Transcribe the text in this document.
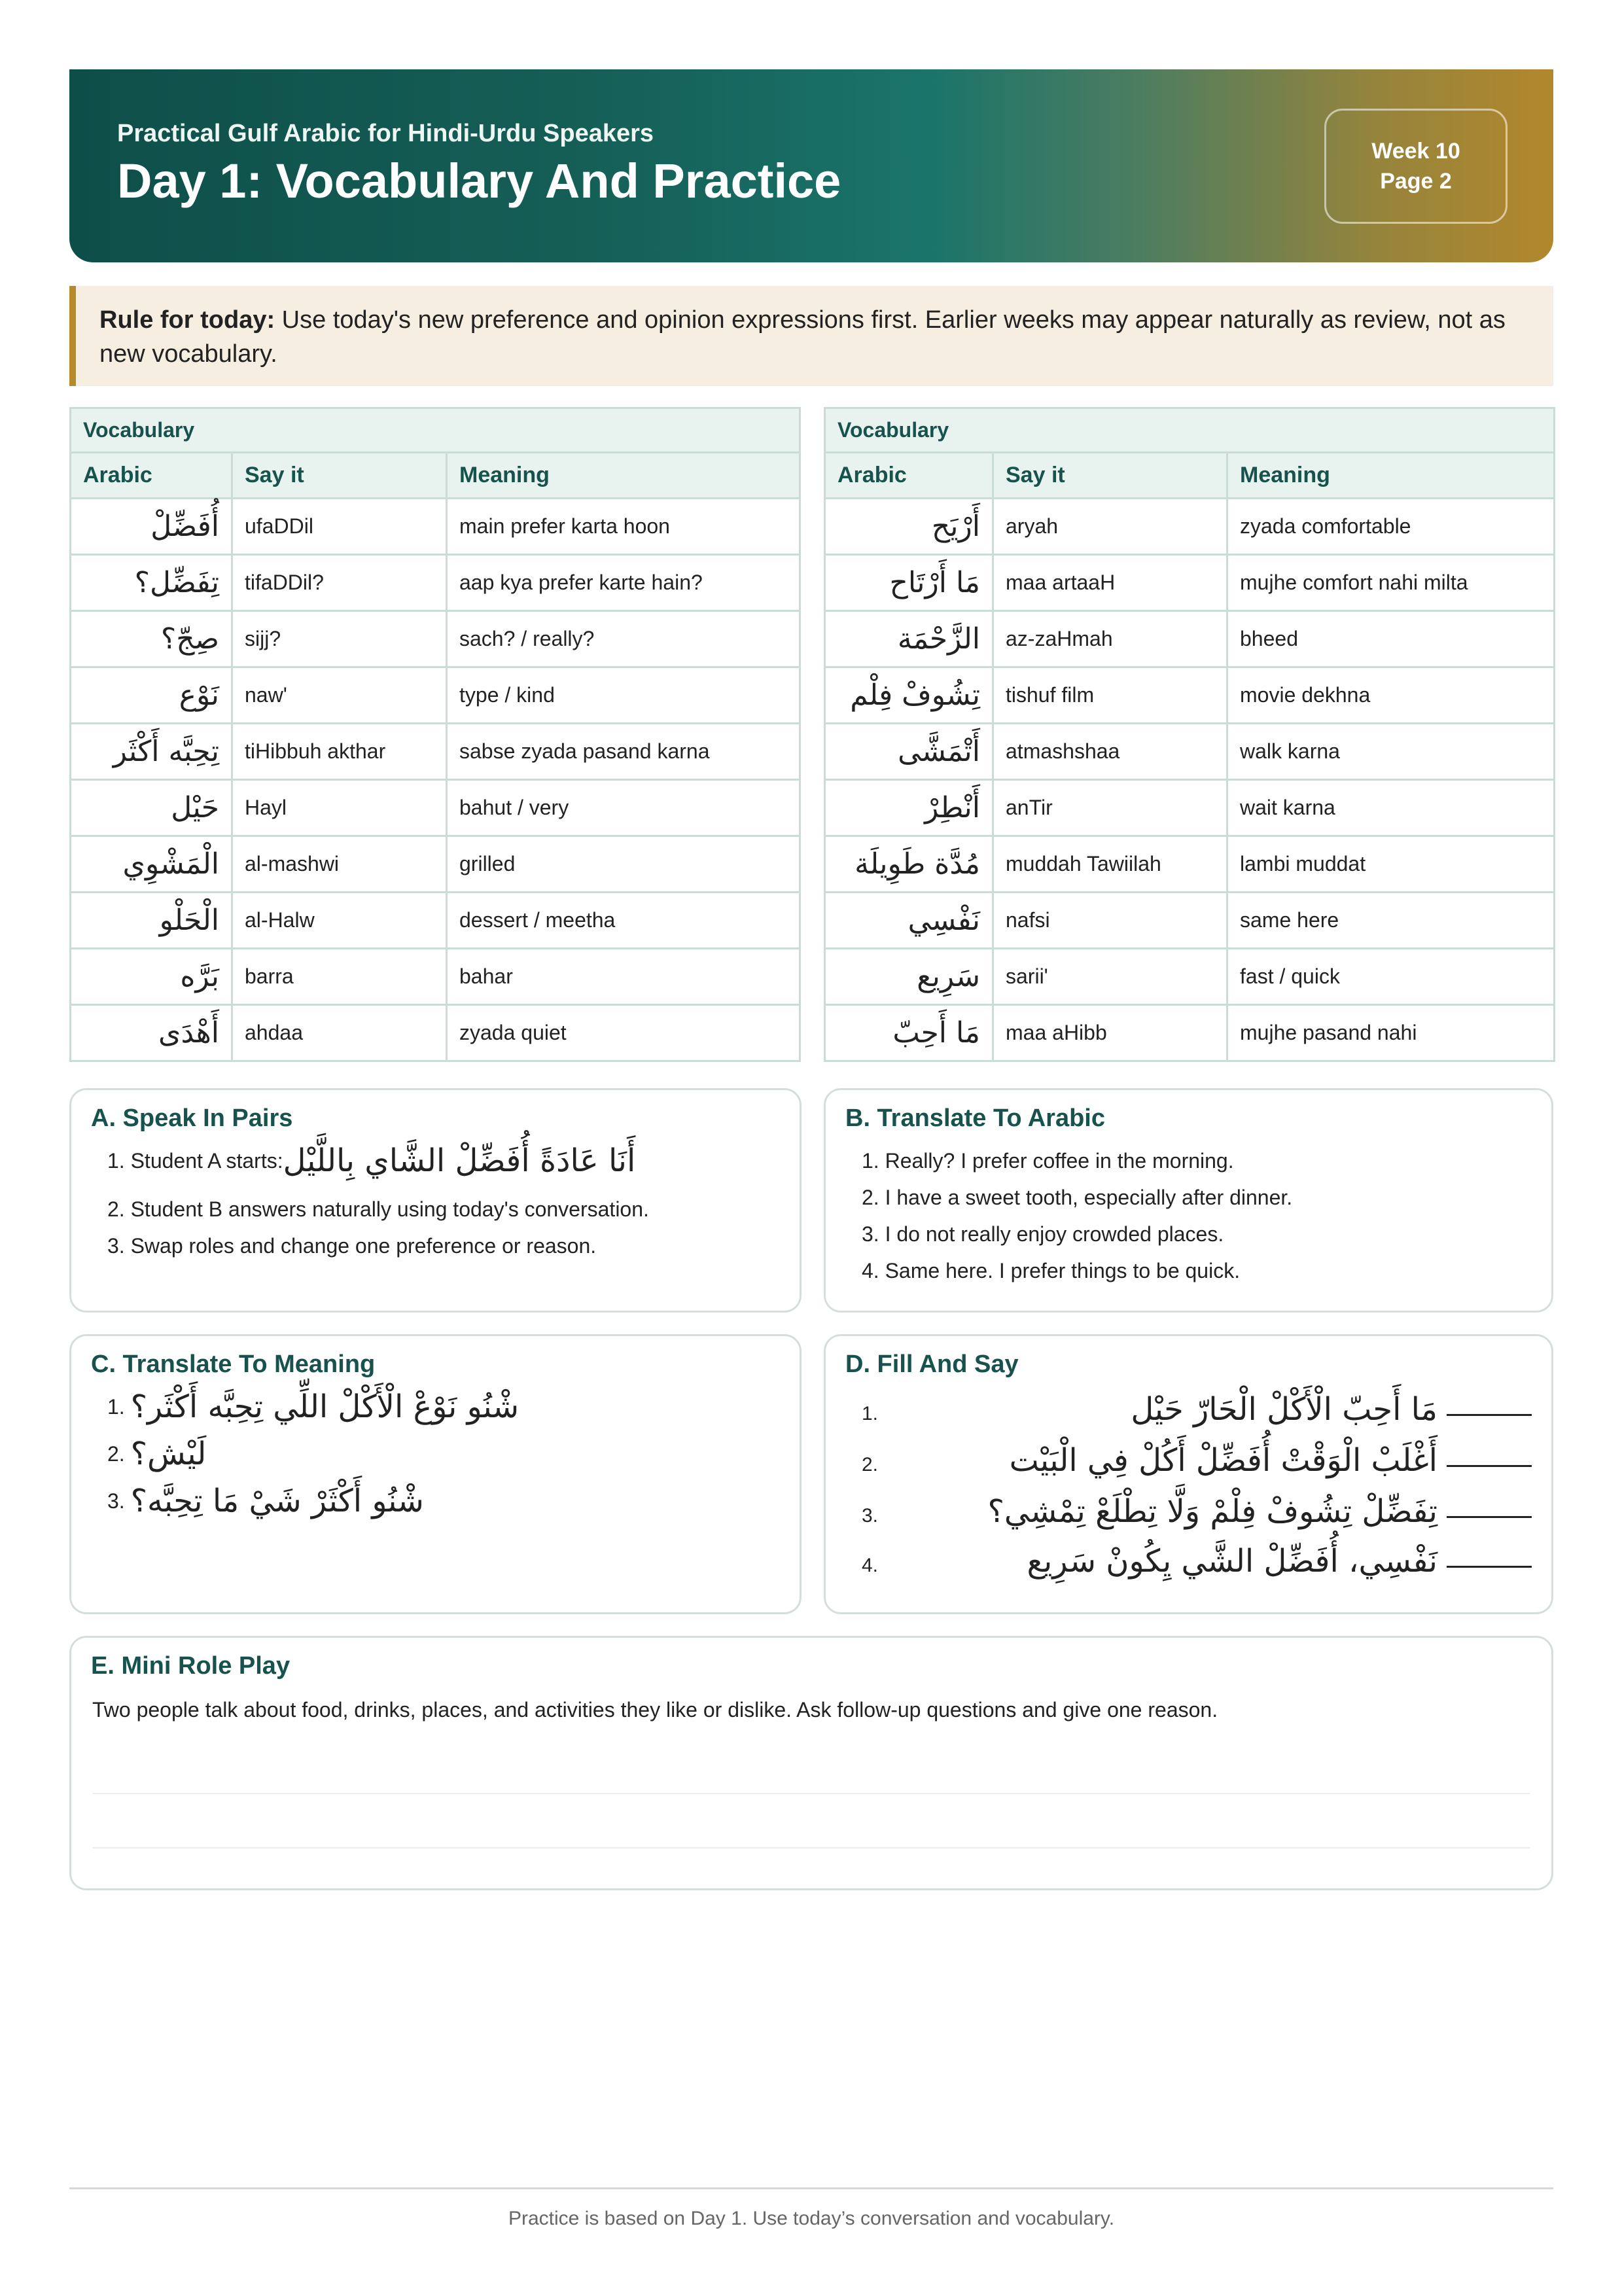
Practical Gulf Arabic for Hindi-Urdu Speakers
Day 1: Vocabulary And Practice
Week 10
Page 2
Rule for today: Use today's new preference and opinion expressions first. Earlier weeks may appear naturally as review, not as new vocabulary.
Vocabulary		
Arabic	Say it	Meaning
أُفَضِّلْ	ufaDDil	main prefer karta hoon
تِفَضِّل؟	tifaDDil?	aap kya prefer karte hain?
صِجّ؟	sijj?	sach? / really?
نَوْع	naw'	type / kind
تِحِبَّه أَكْثَر	tiHibbuh akthar	sabse zyada pasand karna
حَيْل	Hayl	bahut / very
الْمَشْوِي	al-mashwi	grilled
الْحَلْو	al-Halw	dessert / meetha
بَرَّه	barra	bahar
أَهْدَى	ahdaa	zyada quiet
Vocabulary		
Arabic	Say it	Meaning
أَرْيَح	aryah	zyada comfortable
مَا أَرْتَاح	maa artaaH	mujhe comfort nahi milta
الزَّحْمَة	az-zaHmah	bheed
تِشُوفْ فِلْم	tishuf film	movie dekhna
أَتْمَشَّى	atmashshaa	walk karna
أَنْطِرْ	anTir	wait karna
مُدَّة طَوِيلَة	muddah Tawiilah	lambi muddat
نَفْسِي	nafsi	same here
سَرِيع	sarii'	fast / quick
مَا أَحِبّ	maa aHibb	mujhe pasand nahi
A. Speak In Pairs
1.
Student A starts: أَنَا عَادَةً أُفَضِّلْ الشَّاي بِاللَّيْل
2.
Student B answers naturally using today's conversation.
3.
Swap roles and change one preference or reason.
B. Translate To Arabic
1.
Really? I prefer coffee in the morning.
2.
I have a sweet tooth, especially after dinner.
3.
I do not really enjoy crowded places.
4.
Same here. I prefer things to be quick.
C. Translate To Meaning
1.
شْنُو نَوْعْ الْأَكْلْ اللِّي تِحِبَّه أَكْثَر؟
2.
لَيْش؟
3.
شْنُو أَكْثَرْ شَيْ مَا تِحِبَّه؟
D. Fill And Say
1.	مَا أَحِبّ الْأَكْلْ الْحَارّ حَيْل
2.	أَغْلَبْ الْوَقْتْ أُفَضِّلْ أَكُلْ فِي الْبَيْت
3.	تِفَضِّلْ تِشُوفْ فِلْمْ وَلَّا تِطْلَعْ تِمْشِي؟
4.	نَفْسِي، أُفَضِّلْ الشَّي يِكُونْ سَرِيع
E. Mini Role Play
Two people talk about food, drinks, places, and activities they like or dislike. Ask follow-up questions and give one reason.
Practice is based on Day 1. Use today’s conversation and vocabulary.
